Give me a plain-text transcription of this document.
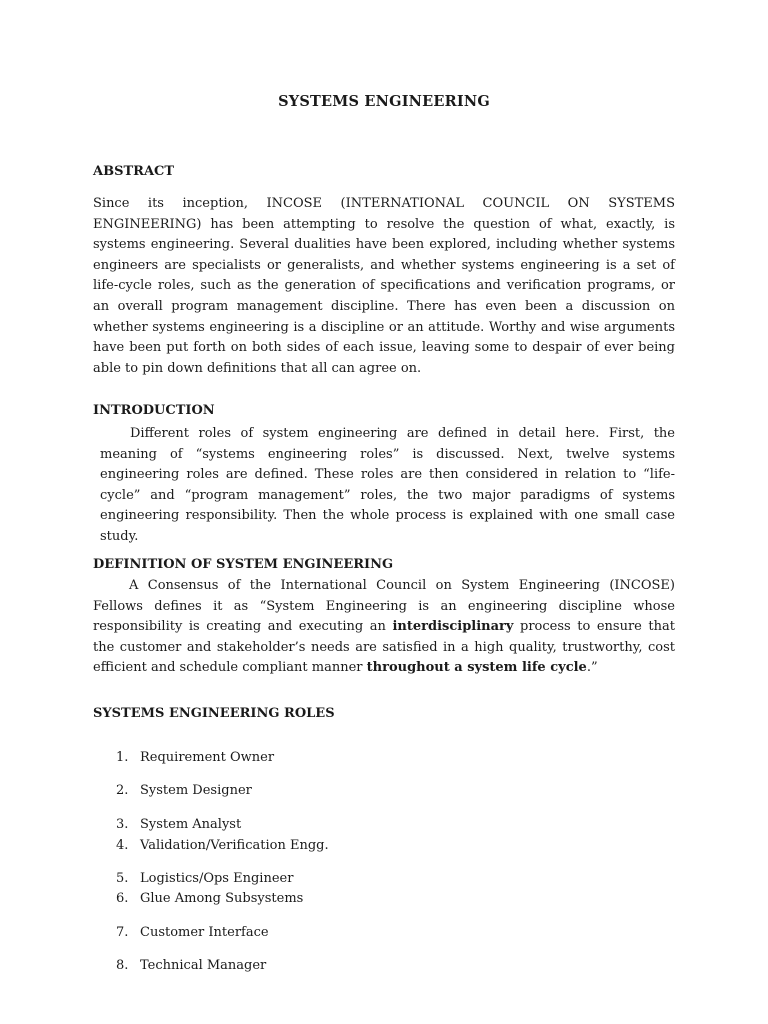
SYSTEMS ENGINEERING
ABSTRACT

Since its inception, INCOSE (INTERNATIONAL COUNCIL ON SYSTEMS ENGINEERING) has been attempting to resolve the question of what, exactly, is systems engineering. Several dualities have been explored, including whether systems engineers are specialists or generalists, and whether systems engineering is a set of life-cycle roles, such as the generation of specifications and verification programs, or an overall program management discipline. There has even been a discussion on whether systems engineering is a discipline or an attitude. Worthy and wise arguments have been put forth on both sides of each issue, leaving some to despair of ever being able to pin down definitions that all can agree on.

INTRODUCTION

Different roles of system engineering are defined in detail here. First, the meaning of “systems engineering roles” is discussed. Next, twelve systems engineering roles are defined. These roles are then considered in relation to “life- cycle” and “program management” roles, the two major paradigms of systems engineering responsibility. Then the whole process is explained with one small case study.

DEFINITION OF SYSTEM ENGINEERING

A Consensus of the International Council on System Engineering (INCOSE) Fellows defines it as “System Engineering is an engineering discipline whose responsibility is creating and executing an interdisciplinary process to ensure that the customer and stakeholder’s needs are satisfied in a high quality, trustworthy, cost efficient and schedule compliant manner throughout a system life cycle.”

SYSTEMS ENGINEERING ROLES
1. Requirement Owner
2. System Designer
3. System Analyst
4. Validation/Verification Engg.
5. Logistics/Ops Engineer
6. Glue Among Subsystems
7. Customer Interface
8. Technical Manager
